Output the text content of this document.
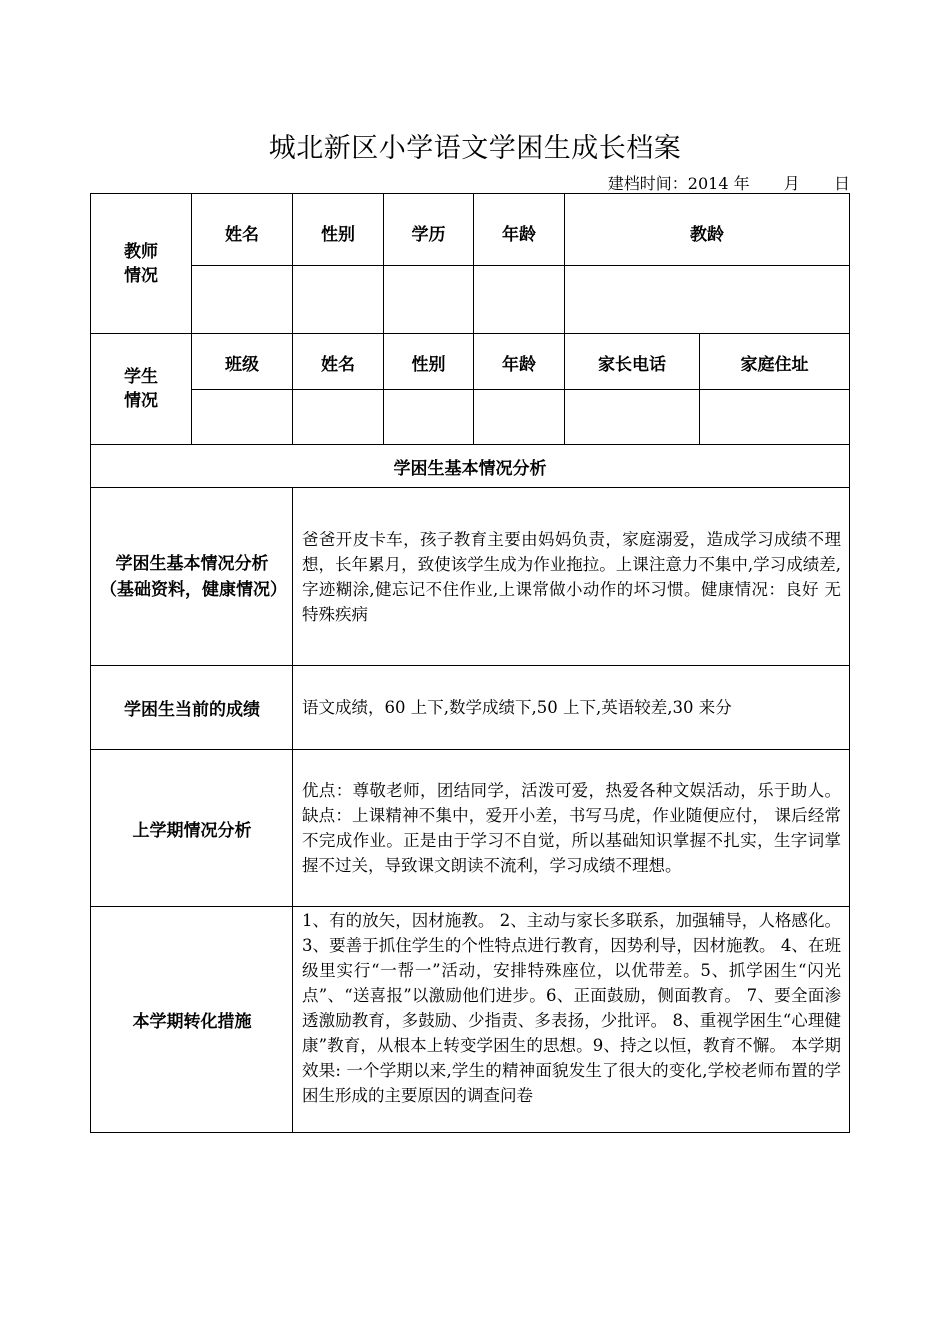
城北新区小学语文学困生成长档案
建档时间：2014 年 月 日
教师
情况	姓名	性别	学历	年龄	教龄	

学生
情况	班级	姓名	性别	年龄	家长电话	家庭住址

学困生基本情况分析						
学困生基本情况分析（基础资料，健康情况）		爸爸开皮卡车，孩子教育主要由妈妈负责，家庭溺爱，造成学习成绩不理想，长年累月，致使该学生成为作业拖拉。上课注意力不集中,学习成绩差,字迹糊涂,健忘记不住作业,上课常做小动作的坏习惯。健康情况：良好 无特殊疾病				
学困生当前的成绩		语文成绩，60 上下,数学成绩下,50 上下,英语较差,30 来分				
上学期情况分析		优点：尊敬老师，团结同学，活泼可爱，热爱各种文娱活动，乐于助人。 缺点：上课精神不集中，爱开小差，书写马虎，作业随便应付， 课后经常不完成作业。正是由于学习不自觉，所以基础知识掌握不扎实，生字词掌握不过关，导致课文朗读不流利，学习成绩不理想。				
本学期转化措施		1、有的放矢，因材施教。 2、主动与家长多联系，加强辅导，人格感化。 3、要善于抓住学生的个性特点进行教育，因势利导，因材施教。 4、在班级里实行“一帮一”活动，安排特殊座位，以优带差。5、抓学困生“闪光点”、“送喜报”以激励他们进步。6、正面鼓励，侧面教育。 7、要全面渗透激励教育，多鼓励、少指责、多表扬，少批评。 8、重视学困生“心理健康”教育，从根本上转变学困生的思想。9、持之以恒，教育不懈。 本学期效果: 一个学期以来,学生的精神面貌发生了很大的变化,学校老师布置的学困生形成的主要原因的调查问卷				
